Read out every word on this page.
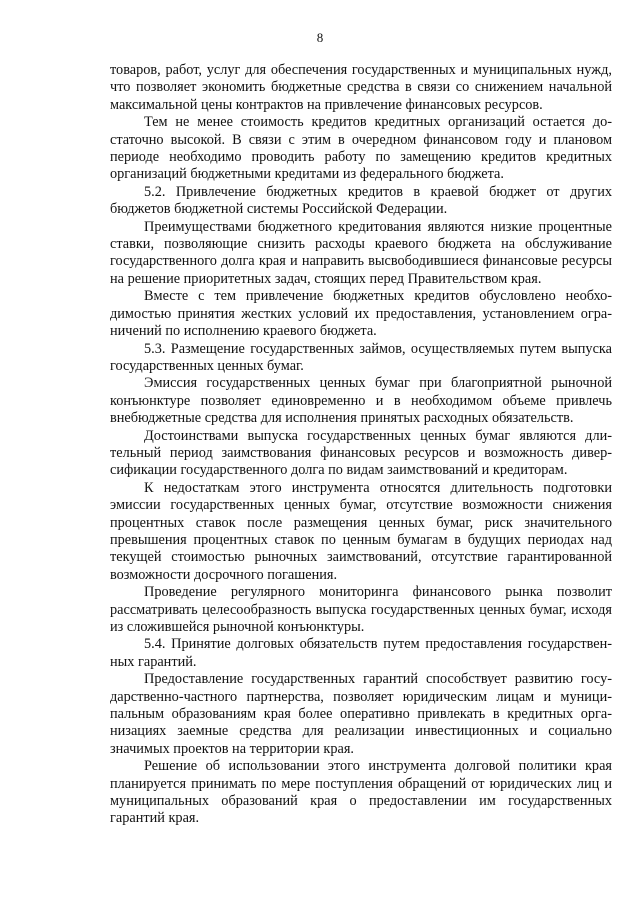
8

товаров, работ, услуг для обеспечения государственных и муниципальных нужд, что позволяет экономить бюджетные средства в связи со снижением начальной максимальной цены контрактов на привлечение финансовых ресурсов.

Тем не менее стоимость кредитов кредитных организаций остается достаточно высокой. В связи с этим в очередном финансовом году и плановом периоде необходимо проводить работу по замещению кредитов кредитных организаций бюджетными кредитами из федерального бюджета.

5.2. Привлечение бюджетных кредитов в краевой бюджет от других бюджетов бюджетной системы Российской Федерации.

Преимуществами бюджетного кредитования являются низкие процентные ставки, позволяющие снизить расходы краевого бюджета на обслуживание государственного долга края и направить высвободившиеся финансовые ресурсы на решение приоритетных задач, стоящих перед Правительством края.

Вместе с тем привлечение бюджетных кредитов обусловлено необходимостью принятия жестких условий их предоставления, установлением ограничений по исполнению краевого бюджета.

5.3. Размещение государственных займов, осуществляемых путем выпуска государственных ценных бумаг.

Эмиссия государственных ценных бумаг при благоприятной рыночной конъюнктуре позволяет единовременно и в необходимом объеме привлечь внебюджетные средства для исполнения принятых расходных обязательств.

Достоинствами выпуска государственных ценных бумаг являются длительный период заимствования финансовых ресурсов и возможность диверсификации государственного долга по видам заимствований и кредиторам.

К недостаткам этого инструмента относятся длительность подготовки эмиссии государственных ценных бумаг, отсутствие возможности снижения процентных ставок после размещения ценных бумаг, риск значительного превышения процентных ставок по ценным бумагам в будущих периодах над текущей стоимостью рыночных заимствований, отсутствие гарантированной возможности досрочного погашения.

Проведение регулярного мониторинга финансового рынка позволит рассматривать целесообразность выпуска государственных ценных бумаг, исходя из сложившейся рыночной конъюнктуры.

5.4. Принятие долговых обязательств путем предоставления государственных гарантий.

Предоставление государственных гарантий способствует развитию государственно-частного партнерства, позволяет юридическим лицам и муниципальным образованиям края более оперативно привлекать в кредитных организациях заемные средства для реализации инвестиционных и социально значимых проектов на территории края.

Решение об использовании этого инструмента долговой политики края планируется принимать по мере поступления обращений от юридических лиц и муниципальных образований края о предоставлении им государственных гарантий края.
